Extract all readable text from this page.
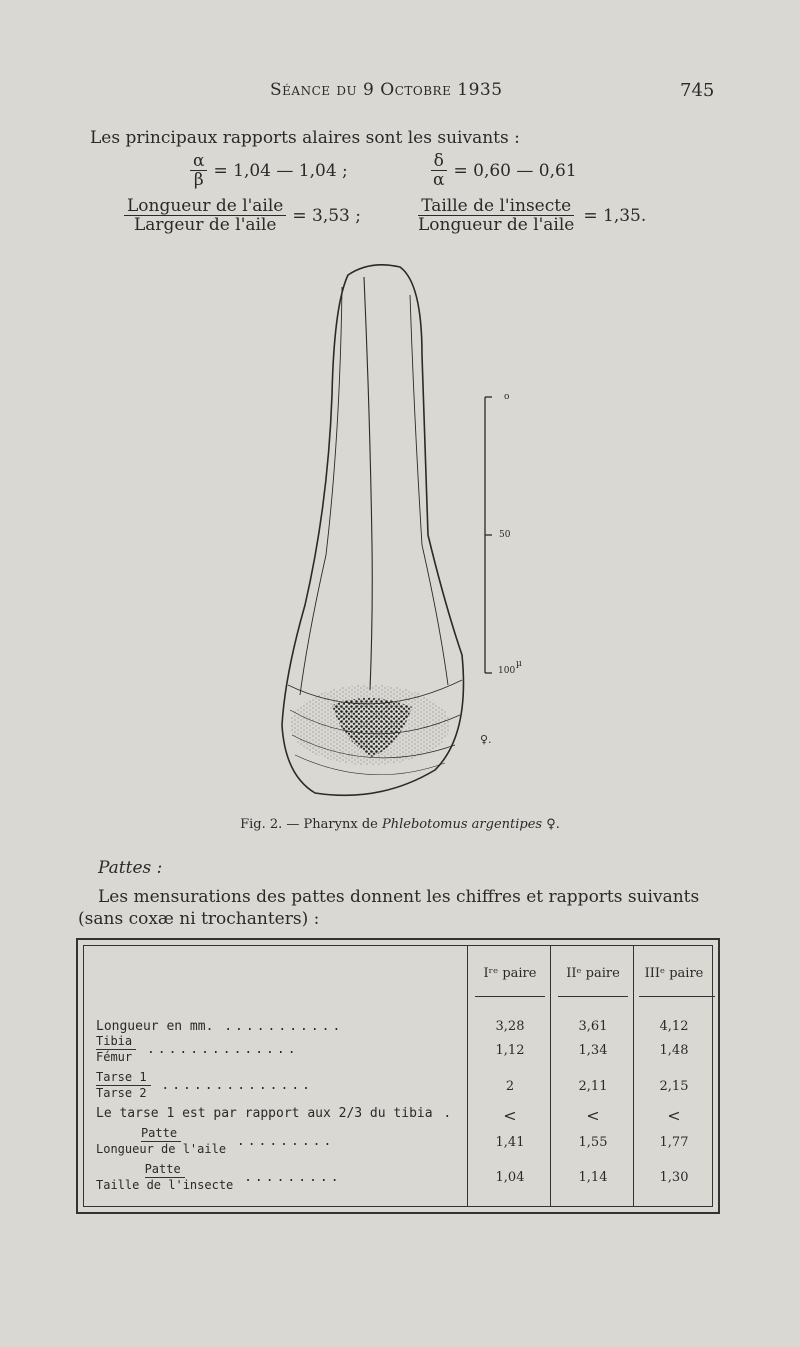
Séance du 9 Octobre 1935	745
Les principaux rapports alaires sont les suivants :
$\frac{\alpha}{\beta} = 1,04$ — 1,04 ;	$\frac{\delta}{\alpha} = 0,60$ — 0,61
$\frac{\text{Longueur de l'aile}}{\text{Largeur de l'aile}} = 3,53$ ;	$\frac{\text{Taille de l'insecte}}{\text{Longueur de l'aile}} = 1,35$.
o
50
100
µ
♀.
Fig. 2. — Pharynx de Phlebotomus argentipes ♀.
Pattes :
Les mensurations des pattes donnent les chiffres et rapports suivants (sans coxæ ni trochanters) :
Iʳᵉ paire	IIᵉ paire	IIIᵉ paire
Longueur en mm. ...........	3,28	3,61	4,12
Tibia
Fémur ..............	1,12	1,34	1,48
Tarse 1
Tarse 2 ..............	2	2,11	2,15
Le tarse 1 est par rapport aux 2/3 du tibia .	<	<	<
Patte
Longueur de l'aile .........	1,41	1,55	1,77
Patte
Taille de l'insecte .........	1,04	1,14	1,30
